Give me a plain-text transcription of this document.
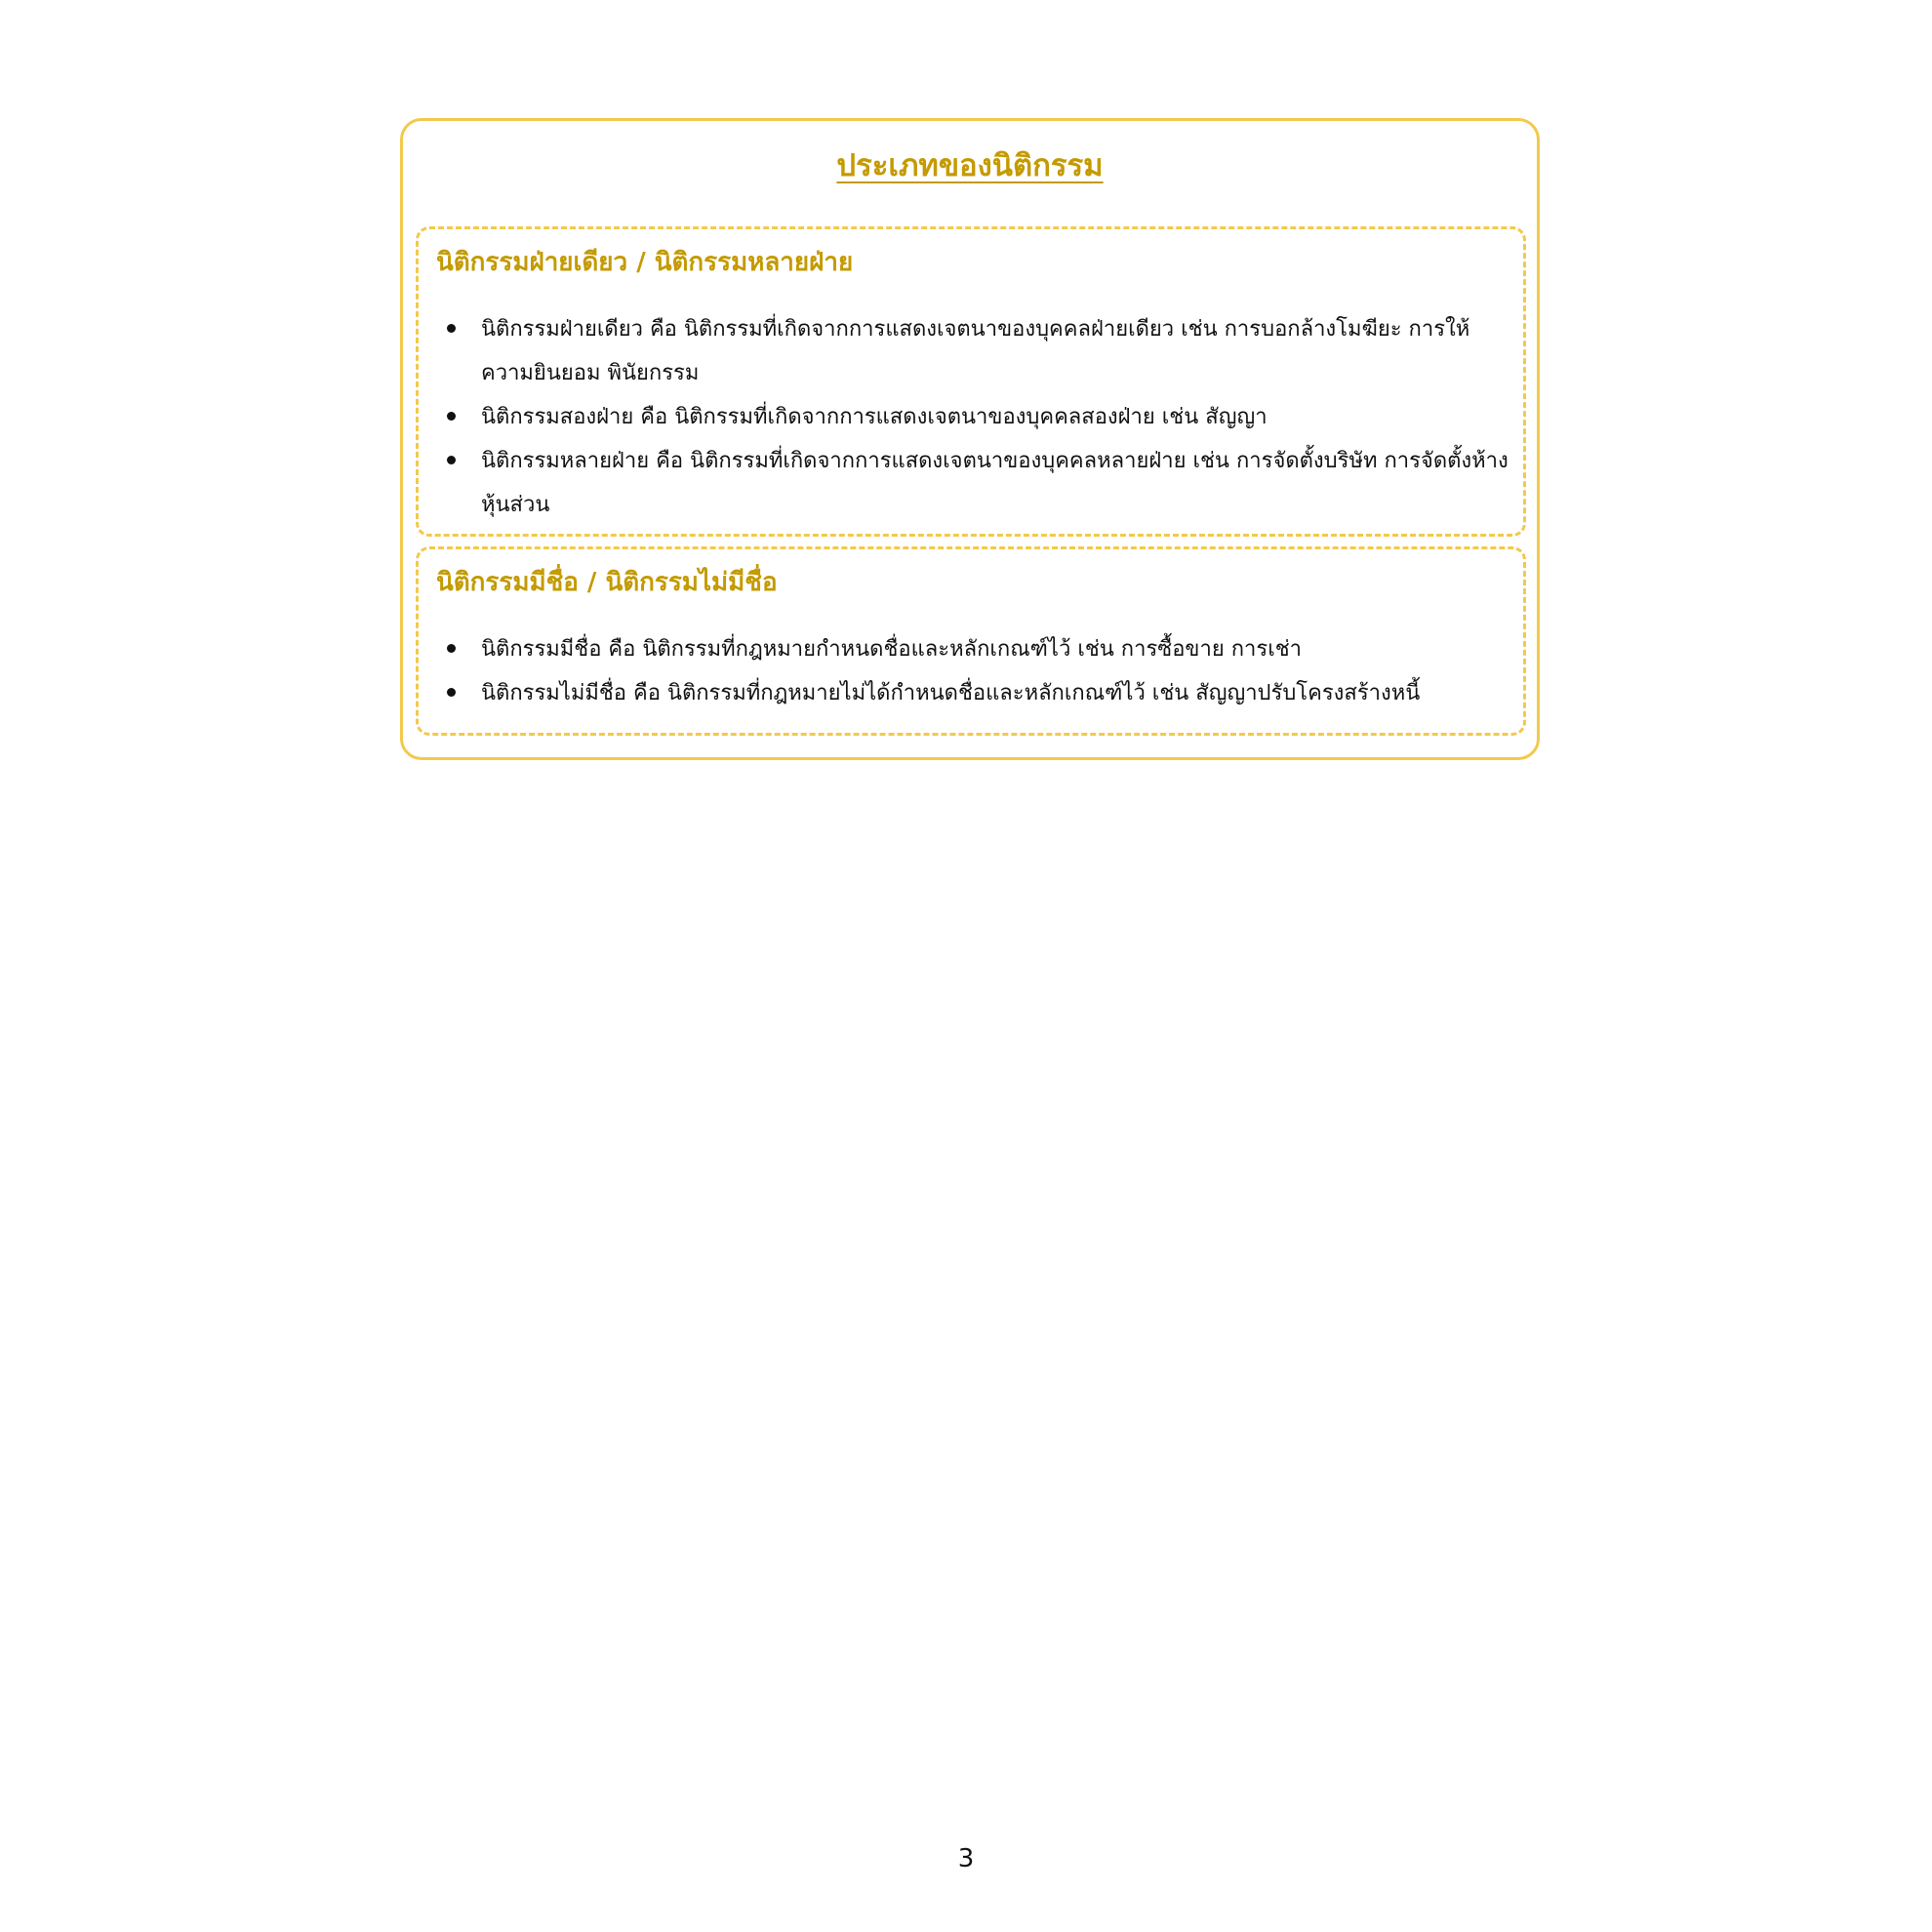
ประเภทของนิติกรรม
นิติกรรมฝ่ายเดียว / นิติกรรมหลายฝ่าย
นิติกรรมฝ่ายเดียว คือ นิติกรรมที่เกิดจากการแสดงเจตนาของบุคคลฝ่ายเดียว เช่น การบอกล้างโมฆียะ การให้ความยินยอม พินัยกรรม
นิติกรรมสองฝ่าย คือ นิติกรรมที่เกิดจากการแสดงเจตนาของบุคคลสองฝ่าย เช่น สัญญา
นิติกรรมหลายฝ่าย คือ นิติกรรมที่เกิดจากการแสดงเจตนาของบุคคลหลายฝ่าย เช่น การจัดตั้งบริษัท การจัดตั้งห้างหุ้นส่วน
นิติกรรมมีชื่อ / นิติกรรมไม่มีชื่อ
นิติกรรมมีชื่อ คือ นิติกรรมที่กฎหมายกำหนดชื่อและหลักเกณฑ์ไว้ เช่น การซื้อขาย การเช่า
นิติกรรมไม่มีชื่อ คือ นิติกรรมที่กฎหมายไม่ได้กำหนดชื่อและหลักเกณฑ์ไว้ เช่น สัญญาปรับโครงสร้างหนี้
3
